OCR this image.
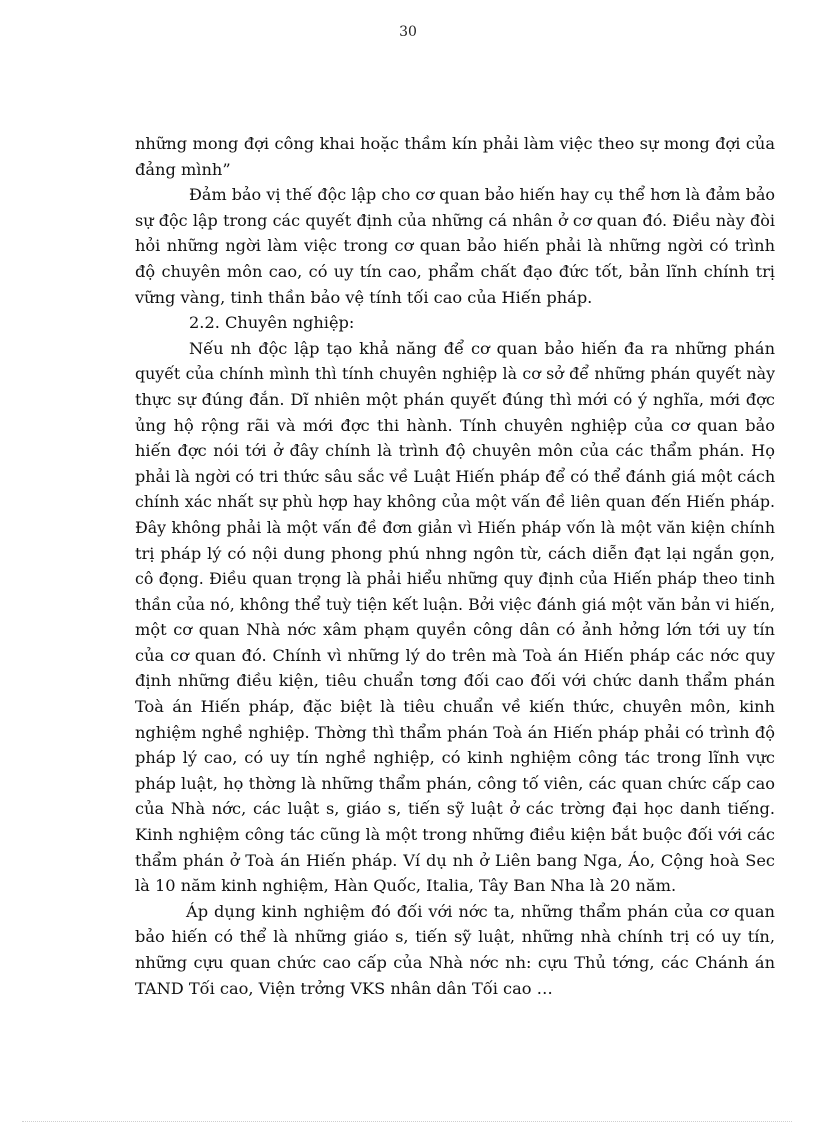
30
những mong đợi công khai hoặc thầm kín phải làm việc theo sự mong đợi của
đảng mình”
Đảm bảo vị thế độc lập cho cơ quan bảo hiến hay cụ thể hơn là đảm bảo
sự độc lập trong các quyết định của những cá nhân ở cơ quan đó. Điều này đòi
hỏi những ngời làm việc trong cơ quan bảo hiến phải là những ngời có trình
độ chuyên môn cao, có uy tín cao, phẩm chất đạo đức tốt, bản lĩnh chính trị
vững vàng, tinh thần bảo vệ tính tối cao của Hiến pháp.
2.2. Chuyên nghiệp:
Nếu nh độc lập tạo khả năng để cơ quan bảo hiến đa ra những phán
quyết của chính mình thì tính chuyên nghiệp là cơ sở để những phán quyết này
thực sự đúng đắn. Dĩ nhiên một phán quyết đúng thì mới có ý nghĩa, mới đợc
ủng hộ rộng rãi và mới đợc thi hành. Tính chuyên nghiệp của cơ quan bảo
hiến đợc nói tới ở đây chính là trình độ chuyên môn của các thẩm phán. Họ
phải là ngời có tri thức sâu sắc về Luật Hiến pháp để có thể đánh giá một cách
chính xác nhất sự phù hợp hay không của một vấn đề liên quan đến Hiến pháp.
Đây không phải là một vấn đề đơn giản vì Hiến pháp vốn là một văn kiện chính
trị pháp lý có nội dung phong phú nhng ngôn từ, cách diễn đạt lại ngắn gọn,
cô đọng. Điều quan trọng là phải hiểu những quy định của Hiến pháp theo tinh
thần của nó, không thể tuỳ tiện kết luận. Bởi việc đánh giá một văn bản vi hiến,
một cơ quan Nhà nớc xâm phạm quyền công dân có ảnh hởng lớn tới uy tín
của cơ quan đó. Chính vì những lý do trên mà Toà án Hiến pháp các nớc quy
định những điều kiện, tiêu chuẩn tơng đối cao đối với chức danh thẩm phán
Toà án Hiến pháp, đặc biệt là tiêu chuẩn về kiến thức, chuyên môn, kinh
nghiệm nghề nghiệp. Thờng thì thẩm phán Toà án Hiến pháp phải có trình độ
pháp lý cao, có uy tín nghề nghiệp, có kinh nghiệm công tác trong lĩnh vực
pháp luật, họ thờng là những thẩm phán, công tố viên, các quan chức cấp cao
của Nhà nớc, các luật s, giáo s, tiến sỹ luật ở các trờng đại học danh tiếng.
Kinh nghiệm công tác cũng là một trong những điều kiện bắt buộc đối với các
thẩm phán ở Toà án Hiến pháp. Ví dụ nh ở Liên bang Nga, Áo, Cộng hoà Sec
là 10 năm kinh nghiệm, Hàn Quốc, Italia, Tây Ban Nha là 20 năm.
Áp dụng kinh nghiệm đó đối với nớc ta, những thẩm phán của cơ quan
bảo hiến có thể là những giáo s, tiến sỹ luật, những nhà chính trị có uy tín,
những cựu quan chức cao cấp của Nhà nớc nh: cựu Thủ tớng, các Chánh án
TAND Tối cao, Viện trởng VKS nhân dân Tối cao …
